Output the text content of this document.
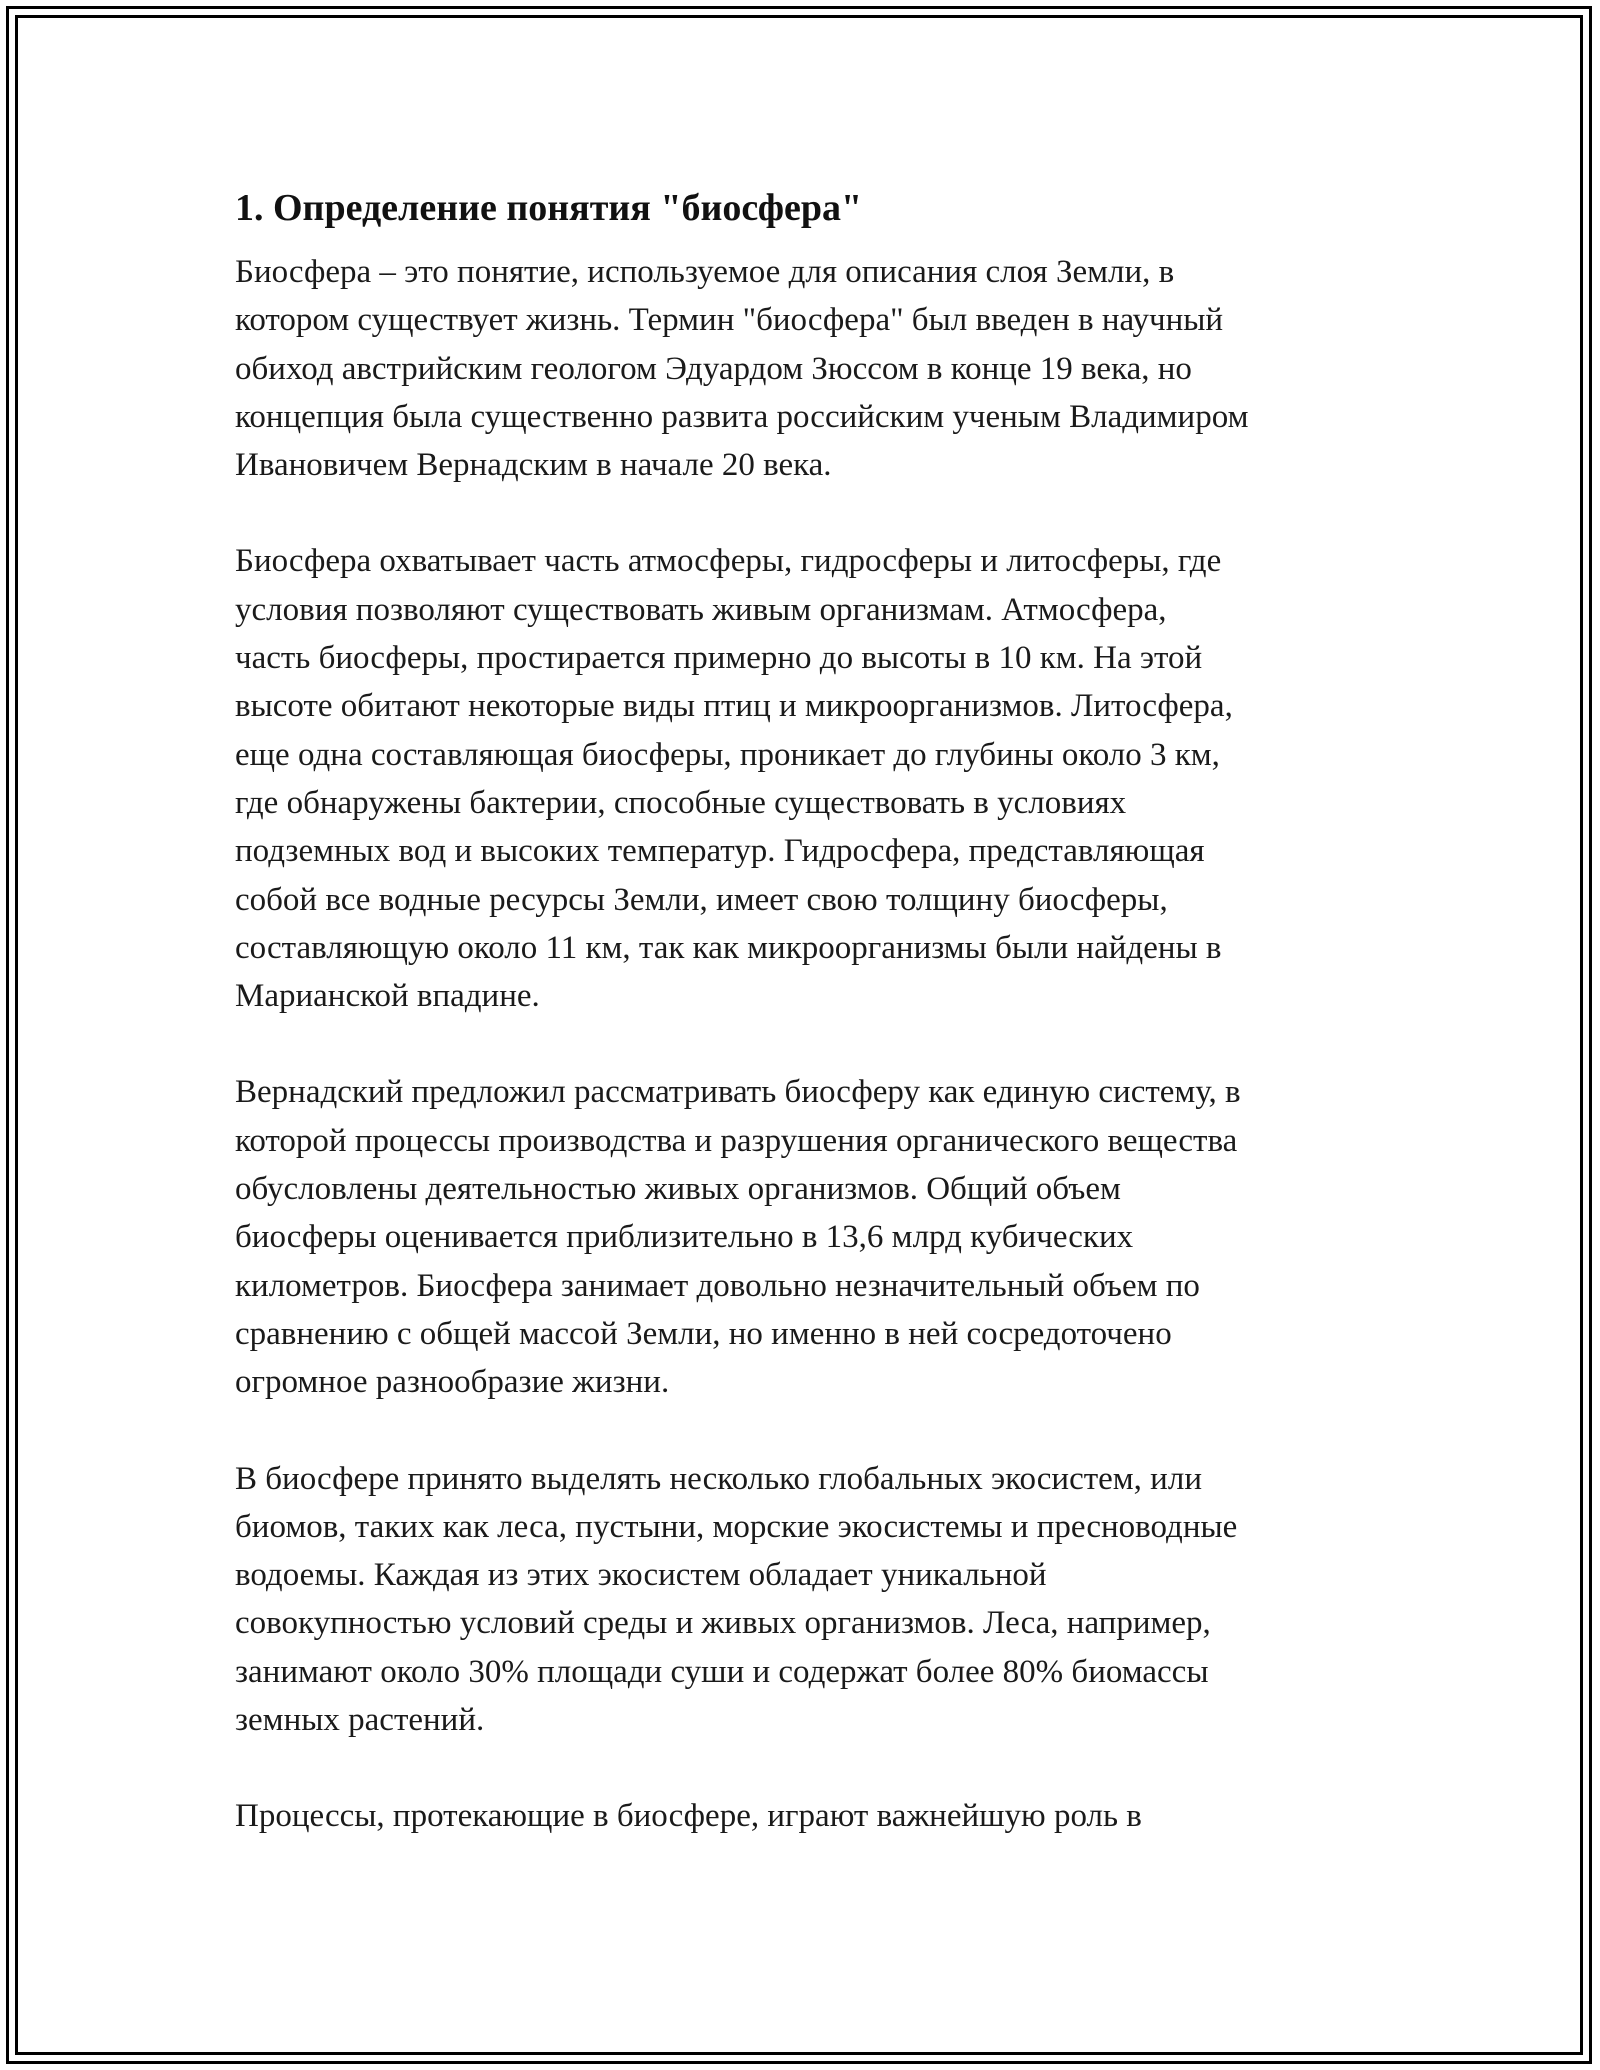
1. Определение понятия "биосфера"

Биосфера – это понятие, используемое для описания слоя Земли, в
котором существует жизнь. Термин "биосфера" был введен в научный
обиход австрийским геологом Эдуардом Зюссом в конце 19 века, но
концепция была существенно развита российским ученым Владимиром
Ивановичем Вернадским в начале 20 века.

Биосфера охватывает часть атмосферы, гидросферы и литосферы, где
условия позволяют существовать живым организмам. Атмосфера,
часть биосферы, простирается примерно до высоты в 10 км. На этой
высоте обитают некоторые виды птиц и микроорганизмов. Литосфера,
еще одна составляющая биосферы, проникает до глубины около 3 км,
где обнаружены бактерии, способные существовать в условиях
подземных вод и высоких температур. Гидросфера, представляющая
собой все водные ресурсы Земли, имеет свою толщину биосферы,
составляющую около 11 км, так как микроорганизмы были найдены в
Марианской впадине.

Вернадский предложил рассматривать биосферу как единую систему, в
которой процессы производства и разрушения органического вещества
обусловлены деятельностью живых организмов. Общий объем
биосферы оценивается приблизительно в 13,6 млрд кубических
километров. Биосфера занимает довольно незначительный объем по
сравнению с общей массой Земли, но именно в ней сосредоточено
огромное разнообразие жизни.

В биосфере принято выделять несколько глобальных экосистем, или
биомов, таких как леса, пустыни, морские экосистемы и пресноводные
водоемы. Каждая из этих экосистем обладает уникальной
совокупностью условий среды и живых организмов. Леса, например,
занимают около 30% площади суши и содержат более 80% биомассы
земных растений.

Процессы, протекающие в биосфере, играют важнейшую роль в
